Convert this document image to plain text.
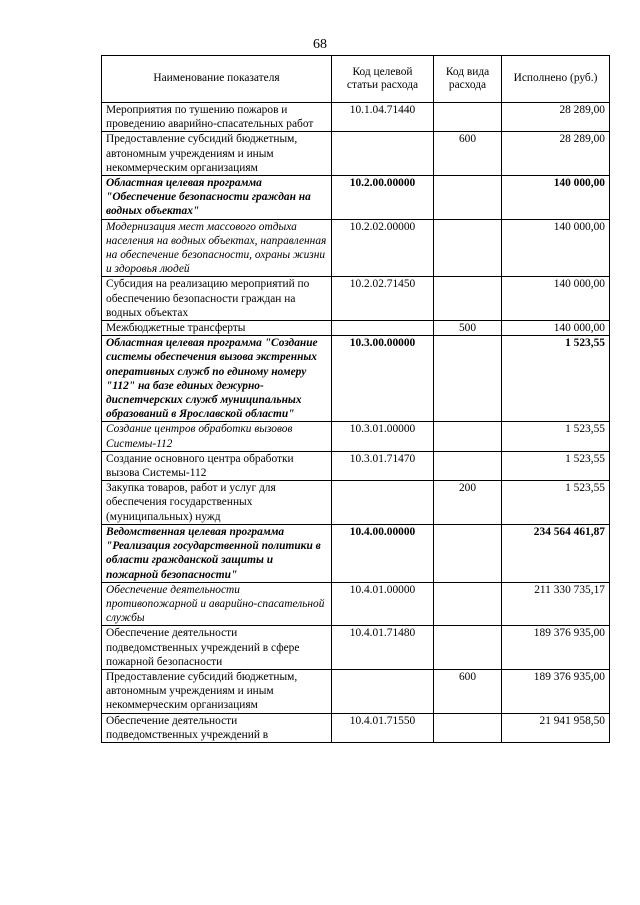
68
Наименование показателя	Код целевой статьи расхода	Код вида расхода	Исполнено (руб.)
Мероприятия по тушению пожаров и проведению аварийно-спасательных работ	10.1.04.71440		28 289,00
Предоставление субсидий бюджетным, автономным учреждениям и иным некоммерческим организациям		600	28 289,00
Областная целевая программа "Обеспечение безопасности граждан на водных объектах"	10.2.00.00000		140 000,00
Модернизация мест массового отдыха населения на водных объектах, направленная на обеспечение безопасности, охраны жизни и здоровья людей	10.2.02.00000		140 000,00
Субсидия на реализацию мероприятий по обеспечению безопасности граждан на водных объектах	10.2.02.71450		140 000,00
Межбюджетные трансферты		500	140 000,00
Областная целевая программа "Создание системы обеспечения вызова экстренных оперативных служб по единому номеру "112" на базе единых дежурно-диспетчерских служб муниципальных образований в Ярославской области"	10.3.00.00000		1 523,55
Создание центров обработки вызовов Системы-112	10.3.01.00000		1 523,55
Создание основного центра обработки вызова Системы-112	10.3.01.71470		1 523,55
Закупка товаров, работ и услуг для обеспечения государственных (муниципальных) нужд		200	1 523,55
Ведомственная целевая программа "Реализация государственной политики в области гражданской защиты и пожарной безопасности"	10.4.00.00000		234 564 461,87
Обеспечение деятельности противопожарной и аварийно-спасательной службы	10.4.01.00000		211 330 735,17
Обеспечение деятельности подведомственных учреждений в сфере пожарной безопасности	10.4.01.71480		189 376 935,00
Предоставление субсидий бюджетным, автономным учреждениям и иным некоммерческим организациям		600	189 376 935,00
Обеспечение деятельности подведомственных учреждений в	10.4.01.71550		21 941 958,50
